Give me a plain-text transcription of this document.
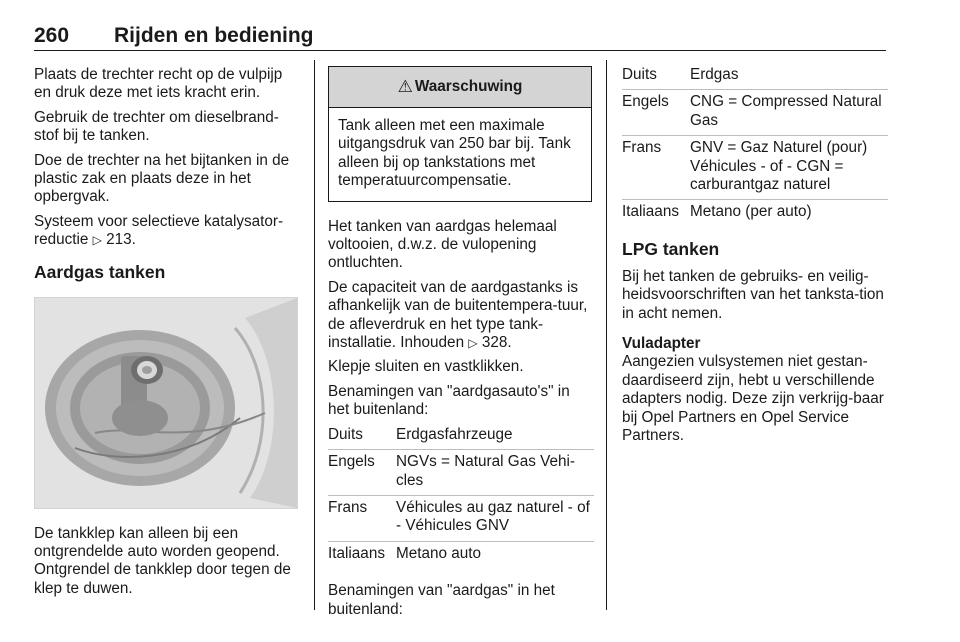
260 Rijden en bediening

Plaats de trechter recht op de vulpijp en druk deze met iets kracht erin.

Gebruik de trechter om dieselbrand-stof bij te tanken.

Doe de trechter na het bijtanken in de plastic zak en plaats deze in het opbergvak.

Systeem voor selectieve katalysator-reductie ▷ 213.

Aardgas tanken

De tankklep kan alleen bij een ontgrendelde auto worden geopend. Ontgrendel de tankklep door tegen de klep te duwen.

⚠ Waarschuwing
Tank alleen met een maximale uitgangsdruk van 250 bar bij. Tank alleen bij op tankstations met temperatuurcompensatie.

Het tanken van aardgas helemaal voltooien, d.w.z. de vulopening ontluchten.

De capaciteit van de aardgastanks is afhankelijk van de buitentempera-tuur, de afleverdruk en het type tank-installatie. Inhouden ▷ 328.

Klepje sluiten en vastklikken.

Benamingen van "aardgasauto's" in het buitenland:

Duits	Erdgasfahrzeuge
Engels	NGVs = Natural Gas Vehi-cles
Frans	Véhicules au gaz naturel - of - Véhicules GNV
Italiaans	Metano auto

Benamingen van "aardgas" in het buitenland:

Duits	Erdgas
Engels	CNG = Compressed Natural Gas
Frans	GNV = Gaz Naturel (pour) Véhicules - of - CGN = carburantgaz naturel
Italiaans	Metano (per auto)
LPG tanken

Bij het tanken de gebruiks- en veilig-heidsvoorschriften van het tanksta-tion in acht nemen.

Vuladapter

Aangezien vulsystemen niet gestan-daardiseerd zijn, hebt u verschillende adapters nodig. Deze zijn verkrijg-baar bij Opel Partners en Opel Service Partners.
